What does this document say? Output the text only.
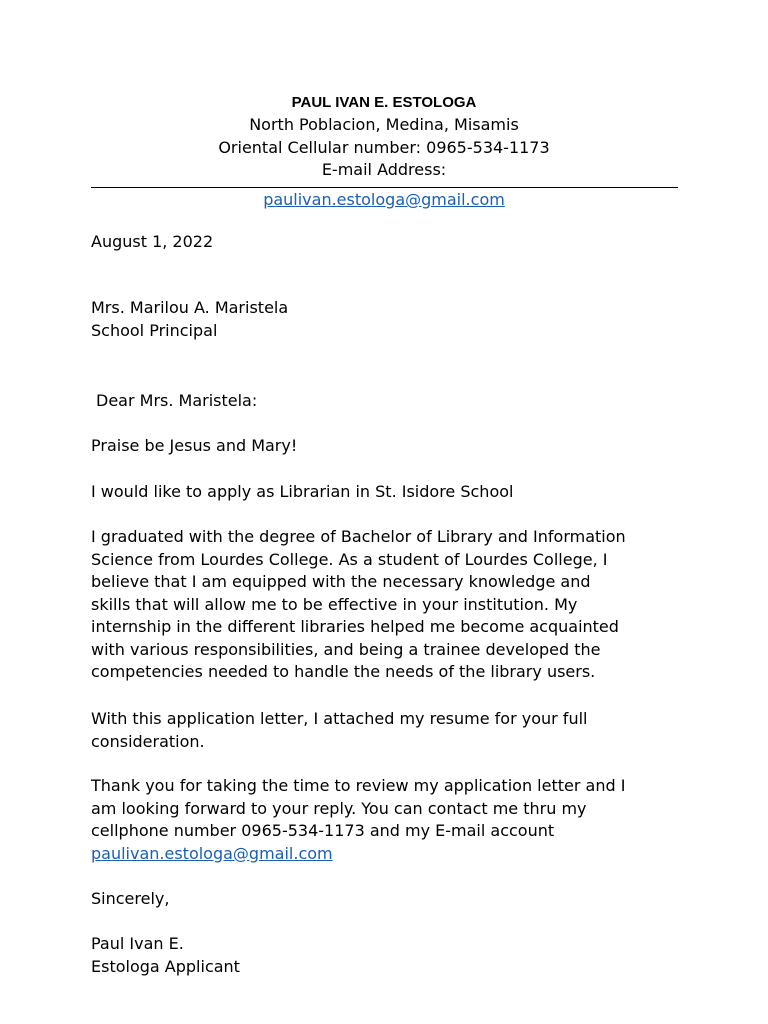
PAUL IVAN E. ESTOLOGA
North Poblacion, Medina, Misamis
Oriental Cellular number: 0965-534-1173
E-mail Address:
paulivan.estologa@gmail.com
August 1, 2022
Mrs. Marilou A. Maristela
School Principal
Dear Mrs. Maristela:
Praise be Jesus and Mary!
I would like to apply as Librarian in St. Isidore School
I graduated with the degree of Bachelor of Library and Information
Science from Lourdes College. As a student of Lourdes College, I
believe that I am equipped with the necessary knowledge and
skills that will allow me to be effective in your institution. My
internship in the different libraries helped me become acquainted
with various responsibilities, and being a trainee developed the
competencies needed to handle the needs of the library users.
With this application letter, I attached my resume for your full
consideration.
Thank you for taking the time to review my application letter and I
am looking forward to your reply. You can contact me thru my
cellphone number 0965-534-1173 and my E-mail account
paulivan.estologa@gmail.com
Sincerely,
Paul Ivan E.
Estologa Applicant
